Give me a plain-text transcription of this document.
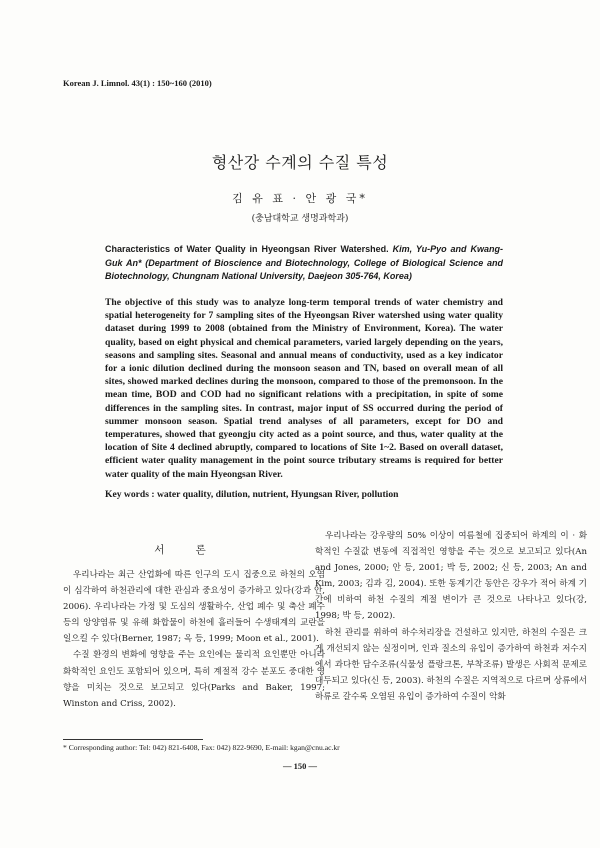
Korean J. Limnol. 43(1) : 150~160 (2010)
형산강 수계의 수질 특성
김 유 표 · 안 광 국*
(충남대학교 생명과학과)
Characteristics of Water Quality in Hyeongsan River Watershed. Kim, Yu-Pyo and Kwang-Guk An* (Department of Bioscience and Biotechnology, College of Biological Science and Biotechnology, Chungnam National University, Daejeon 305-764, Korea)
The objective of this study was to analyze long-term temporal trends of water chemistry and spatial heterogeneity for 7 sampling sites of the Hyeongsan River watershed using water quality dataset during 1999 to 2008 (obtained from the Ministry of Environment, Korea). The water quality, based on eight physical and chemical parameters, varied largely depending on the years, seasons and sampling sites. Seasonal and annual means of conductivity, used as a key indicator for a ionic dilution declined during the monsoon season and TN, based on overall mean of all sites, showed marked declines during the monsoon, compared to those of the premonsoon. In the mean time, BOD and COD had no significant relations with a precipitation, in spite of some differences in the sampling sites. In contrast, major input of SS occurred during the period of summer monsoon season. Spatial trend analyses of all parameters, except for DO and temperatures, showed that gyeongju city acted as a point source, and thus, water quality at the location of Site 4 declined abruptly, compared to locations of Site 1~2. Based on overall dataset, efficient water quality management in the point source tributary streams is required for better water quality of the main Hyeongsan River.
Key words : water quality, dilution, nutrient, Hyungsan River, pollution
서 론

우리나라는 최근 산업화에 따른 인구의 도시 집중으로 하천의 오염이 심각하여 하천관리에 대한 관심과 중요성이 증가하고 있다(강과 안, 2006). 우리나라는 가정 및 도심의 생활하수, 산업 폐수 및 축산 폐수 등의 앙양염류 및 유해 화합물이 하천에 흘러들어 수생태계의 교란을 일으킬 수 있다(Berner, 1987; 옥 등, 1999; Moon et al., 2001).

수질 환경의 변화에 영향을 주는 요인에는 물리적 요인뿐만 아니라 화학적인 요인도 포함되어 있으며, 특히 계절적 강수 분포도 중대한 영향을 미치는 것으로 보고되고 있다(Parks and Baker, 1997; Winston and Criss, 2002).

우리나라는 강우량의 50% 이상이 여름철에 집중되어 하계의 이 · 화학적인 수질값 변동에 직접적인 영향을 주는 것으로 보고되고 있다(An and Jones, 2000; 안 등, 2001; 박 등, 2002; 신 등, 2003; An and Kim, 2003; 김과 김, 2004). 또한 동계기간 동안은 강우가 적어 하계 기간에 비하여 하천 수질의 계절 변이가 큰 것으로 나타나고 있다(강, 1998; 박 등, 2002).

하천 관리를 위하여 하수처리장을 건설하고 있지만, 하천의 수질은 크게 개선되지 않는 실정이며, 인과 질소의 유입이 증가하여 하천과 저수지에서 과다한 담수조류(식물성 플랑크톤, 부착조류) 발생은 사회적 문제로 대두되고 있다(신 등, 2003). 하천의 수질은 지역적으로 다르며 상류에서 하류로 갈수록 오염된 유입이 증가하여 수질이 악화

* Corresponding author: Tel: 042) 821-6408, Fax: 042) 822-9690, E-mail: kgan@cnu.ac.kr
— 150 —
